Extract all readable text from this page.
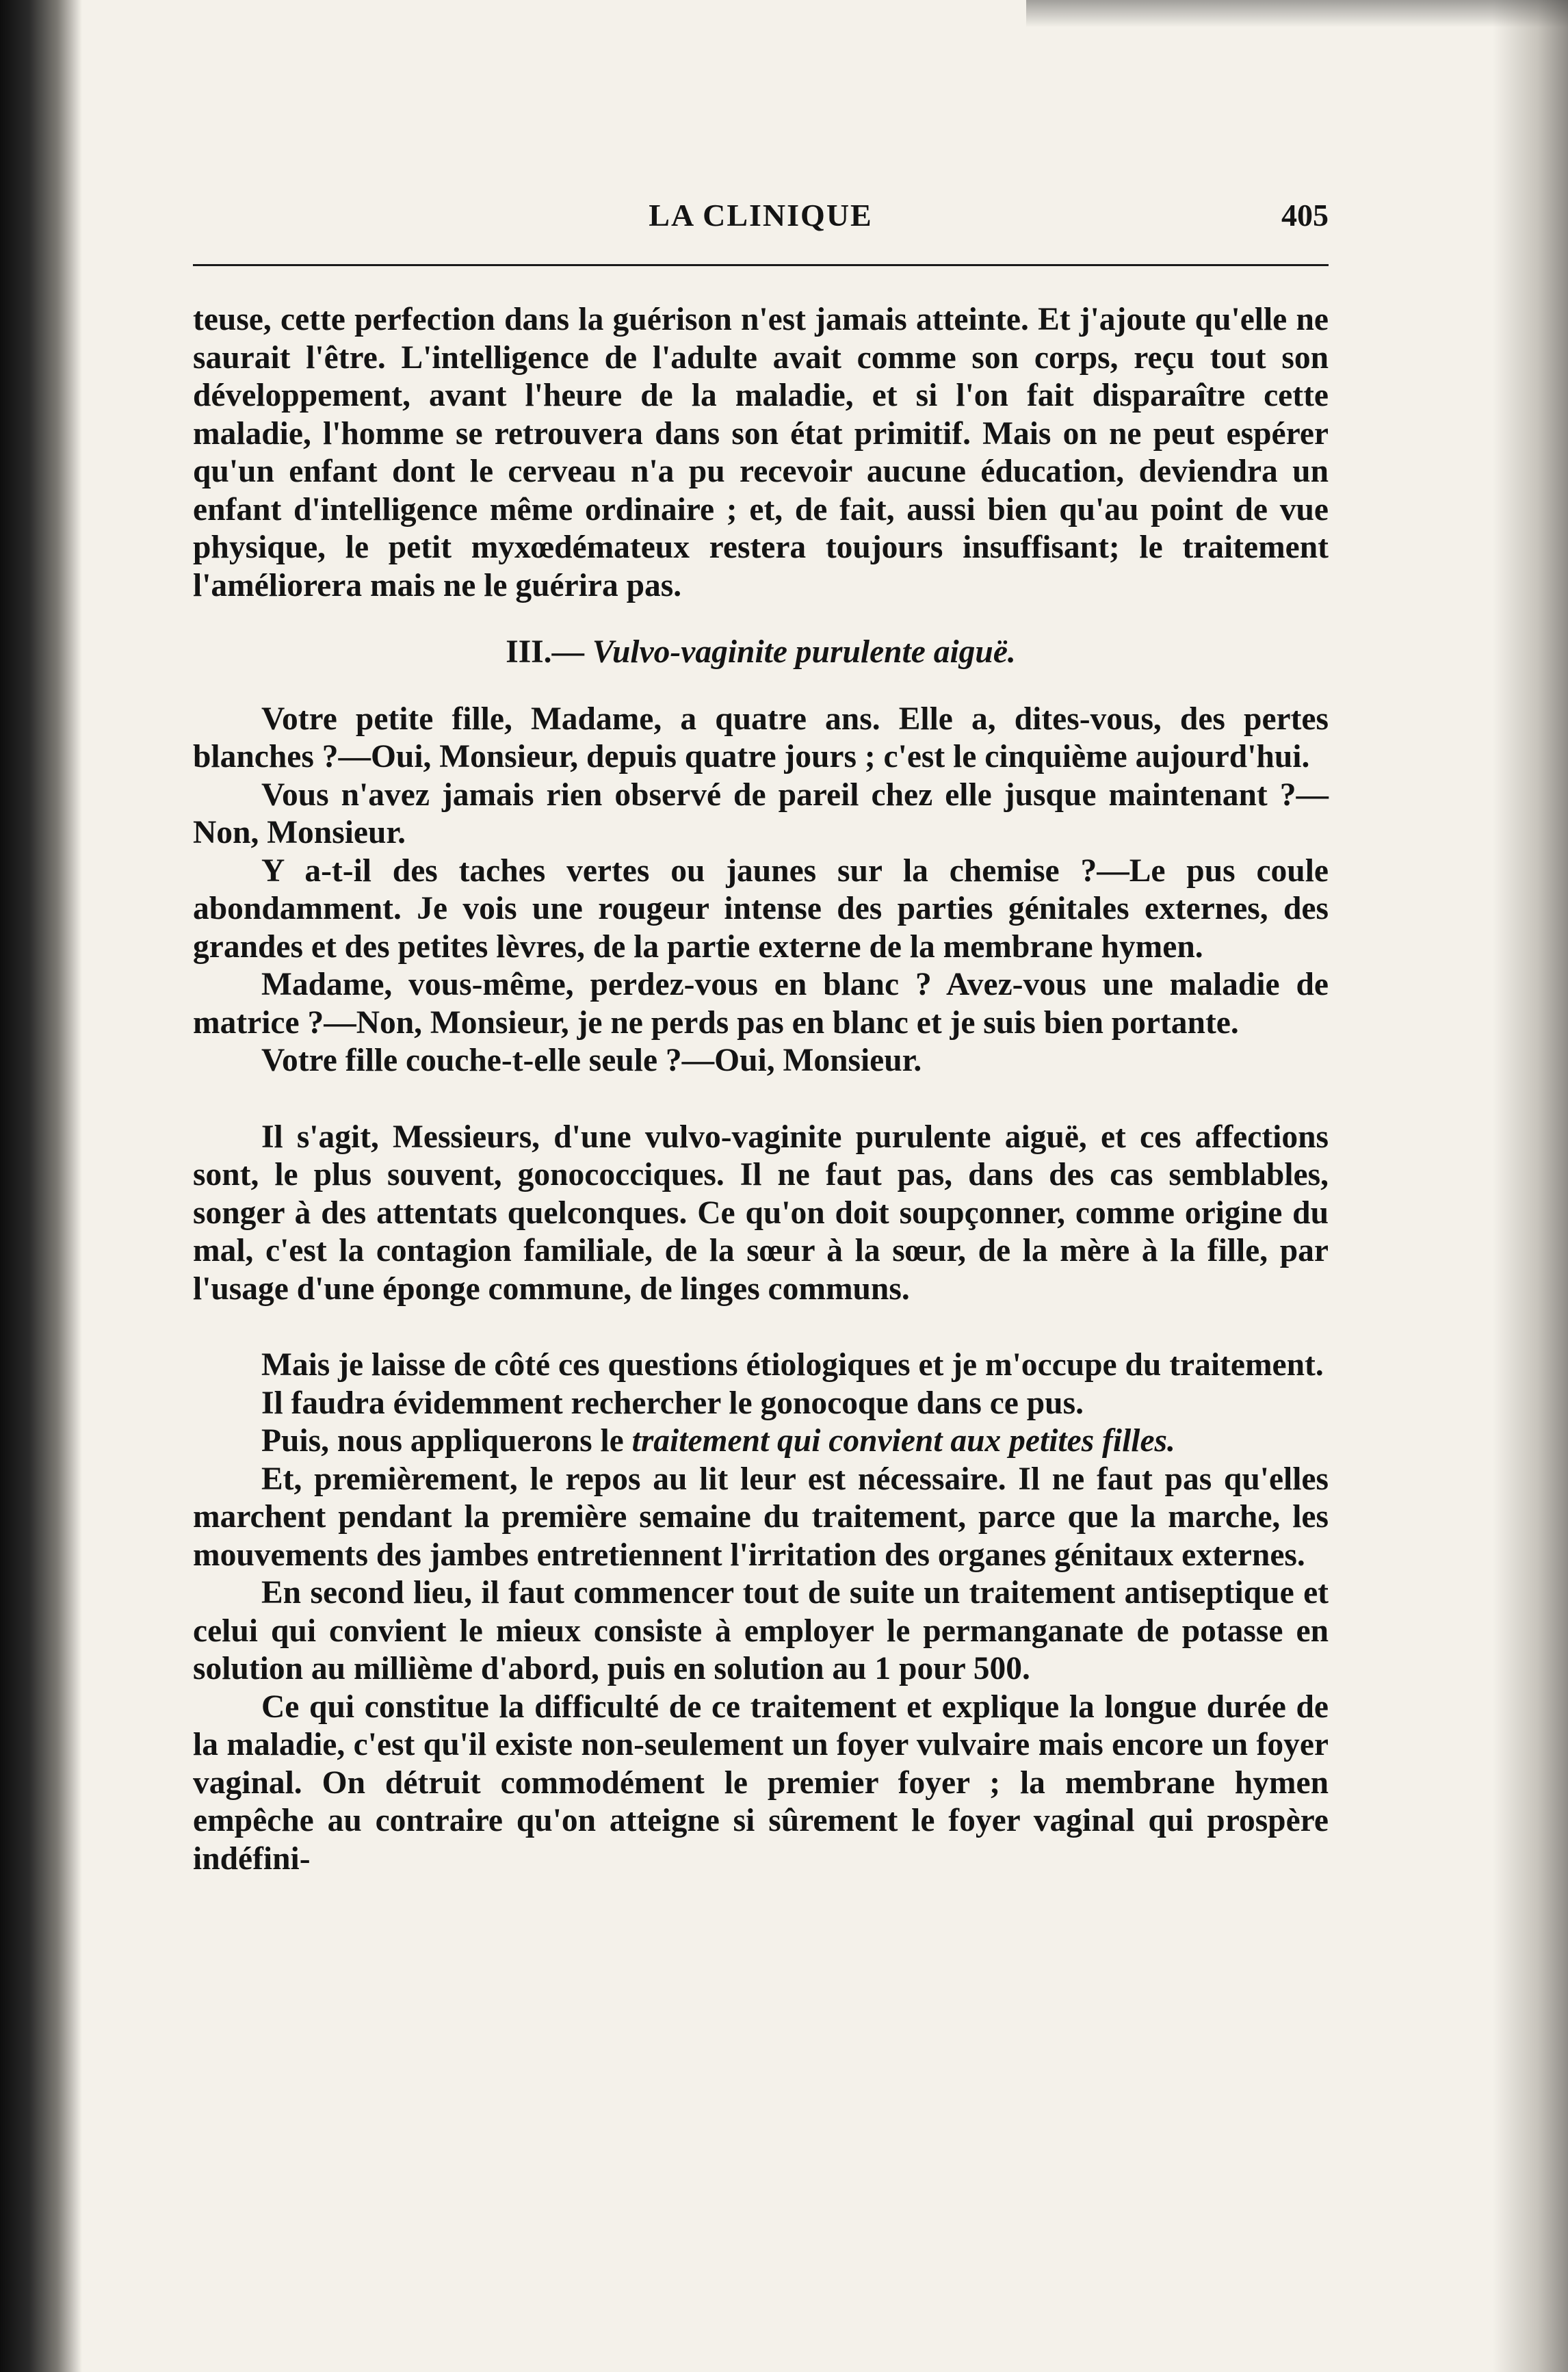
LA CLINIQUE	405

teuse, cette perfection dans la guérison n'est jamais atteinte. Et j'ajoute qu'elle ne saurait l'être. L'intelligence de l'adulte avait comme son corps, reçu tout son développement, avant l'heure de la maladie, et si l'on fait disparaître cette maladie, l'homme se retrouvera dans son état primitif. Mais on ne peut espérer qu'un enfant dont le cerveau n'a pu recevoir aucune éducation, deviendra un enfant d'intelligence même ordinaire ; et, de fait, aussi bien qu'au point de vue physique, le petit myxœdémateux restera toujours insuffisant; le traitement l'améliorera mais ne le guérira pas.

III.— Vulvo-vaginite purulente aiguë.

Votre petite fille, Madame, a quatre ans. Elle a, dites-vous, des pertes blanches ?—Oui, Monsieur, depuis quatre jours ; c'est le cinquième aujourd'hui.

Vous n'avez jamais rien observé de pareil chez elle jusque maintenant ?—Non, Monsieur.

Y a-t-il des taches vertes ou jaunes sur la chemise ?—Le pus coule abondamment. Je vois une rougeur intense des parties génitales externes, des grandes et des petites lèvres, de la partie externe de la membrane hymen.

Madame, vous-même, perdez-vous en blanc ? Avez-vous une maladie de matrice ?—Non, Monsieur, je ne perds pas en blanc et je suis bien portante.

Votre fille couche-t-elle seule ?—Oui, Monsieur.

Il s'agit, Messieurs, d'une vulvo-vaginite purulente aiguë, et ces affections sont, le plus souvent, gonococciques. Il ne faut pas, dans des cas semblables, songer à des attentats quelconques. Ce qu'on doit soupçonner, comme origine du mal, c'est la contagion familiale, de la sœur à la sœur, de la mère à la fille, par l'usage d'une éponge commune, de linges communs.

Mais je laisse de côté ces questions étiologiques et je m'occupe du traitement.

Il faudra évidemment rechercher le gonocoque dans ce pus.

Puis, nous appliquerons le traitement qui convient aux petites filles.

Et, premièrement, le repos au lit leur est nécessaire. Il ne faut pas qu'elles marchent pendant la première semaine du traitement, parce que la marche, les mouvements des jambes entretiennent l'irritation des organes génitaux externes.

En second lieu, il faut commencer tout de suite un traitement antiseptique et celui qui convient le mieux consiste à employer le permanganate de potasse en solution au millième d'abord, puis en solution au 1 pour 500.

Ce qui constitue la difficulté de ce traitement et explique la longue durée de la maladie, c'est qu'il existe non-seulement un foyer vulvaire mais encore un foyer vaginal. On détruit commodément le premier foyer ; la membrane hymen empêche au contraire qu'on atteigne si sûrement le foyer vaginal qui prospère indéfini-
